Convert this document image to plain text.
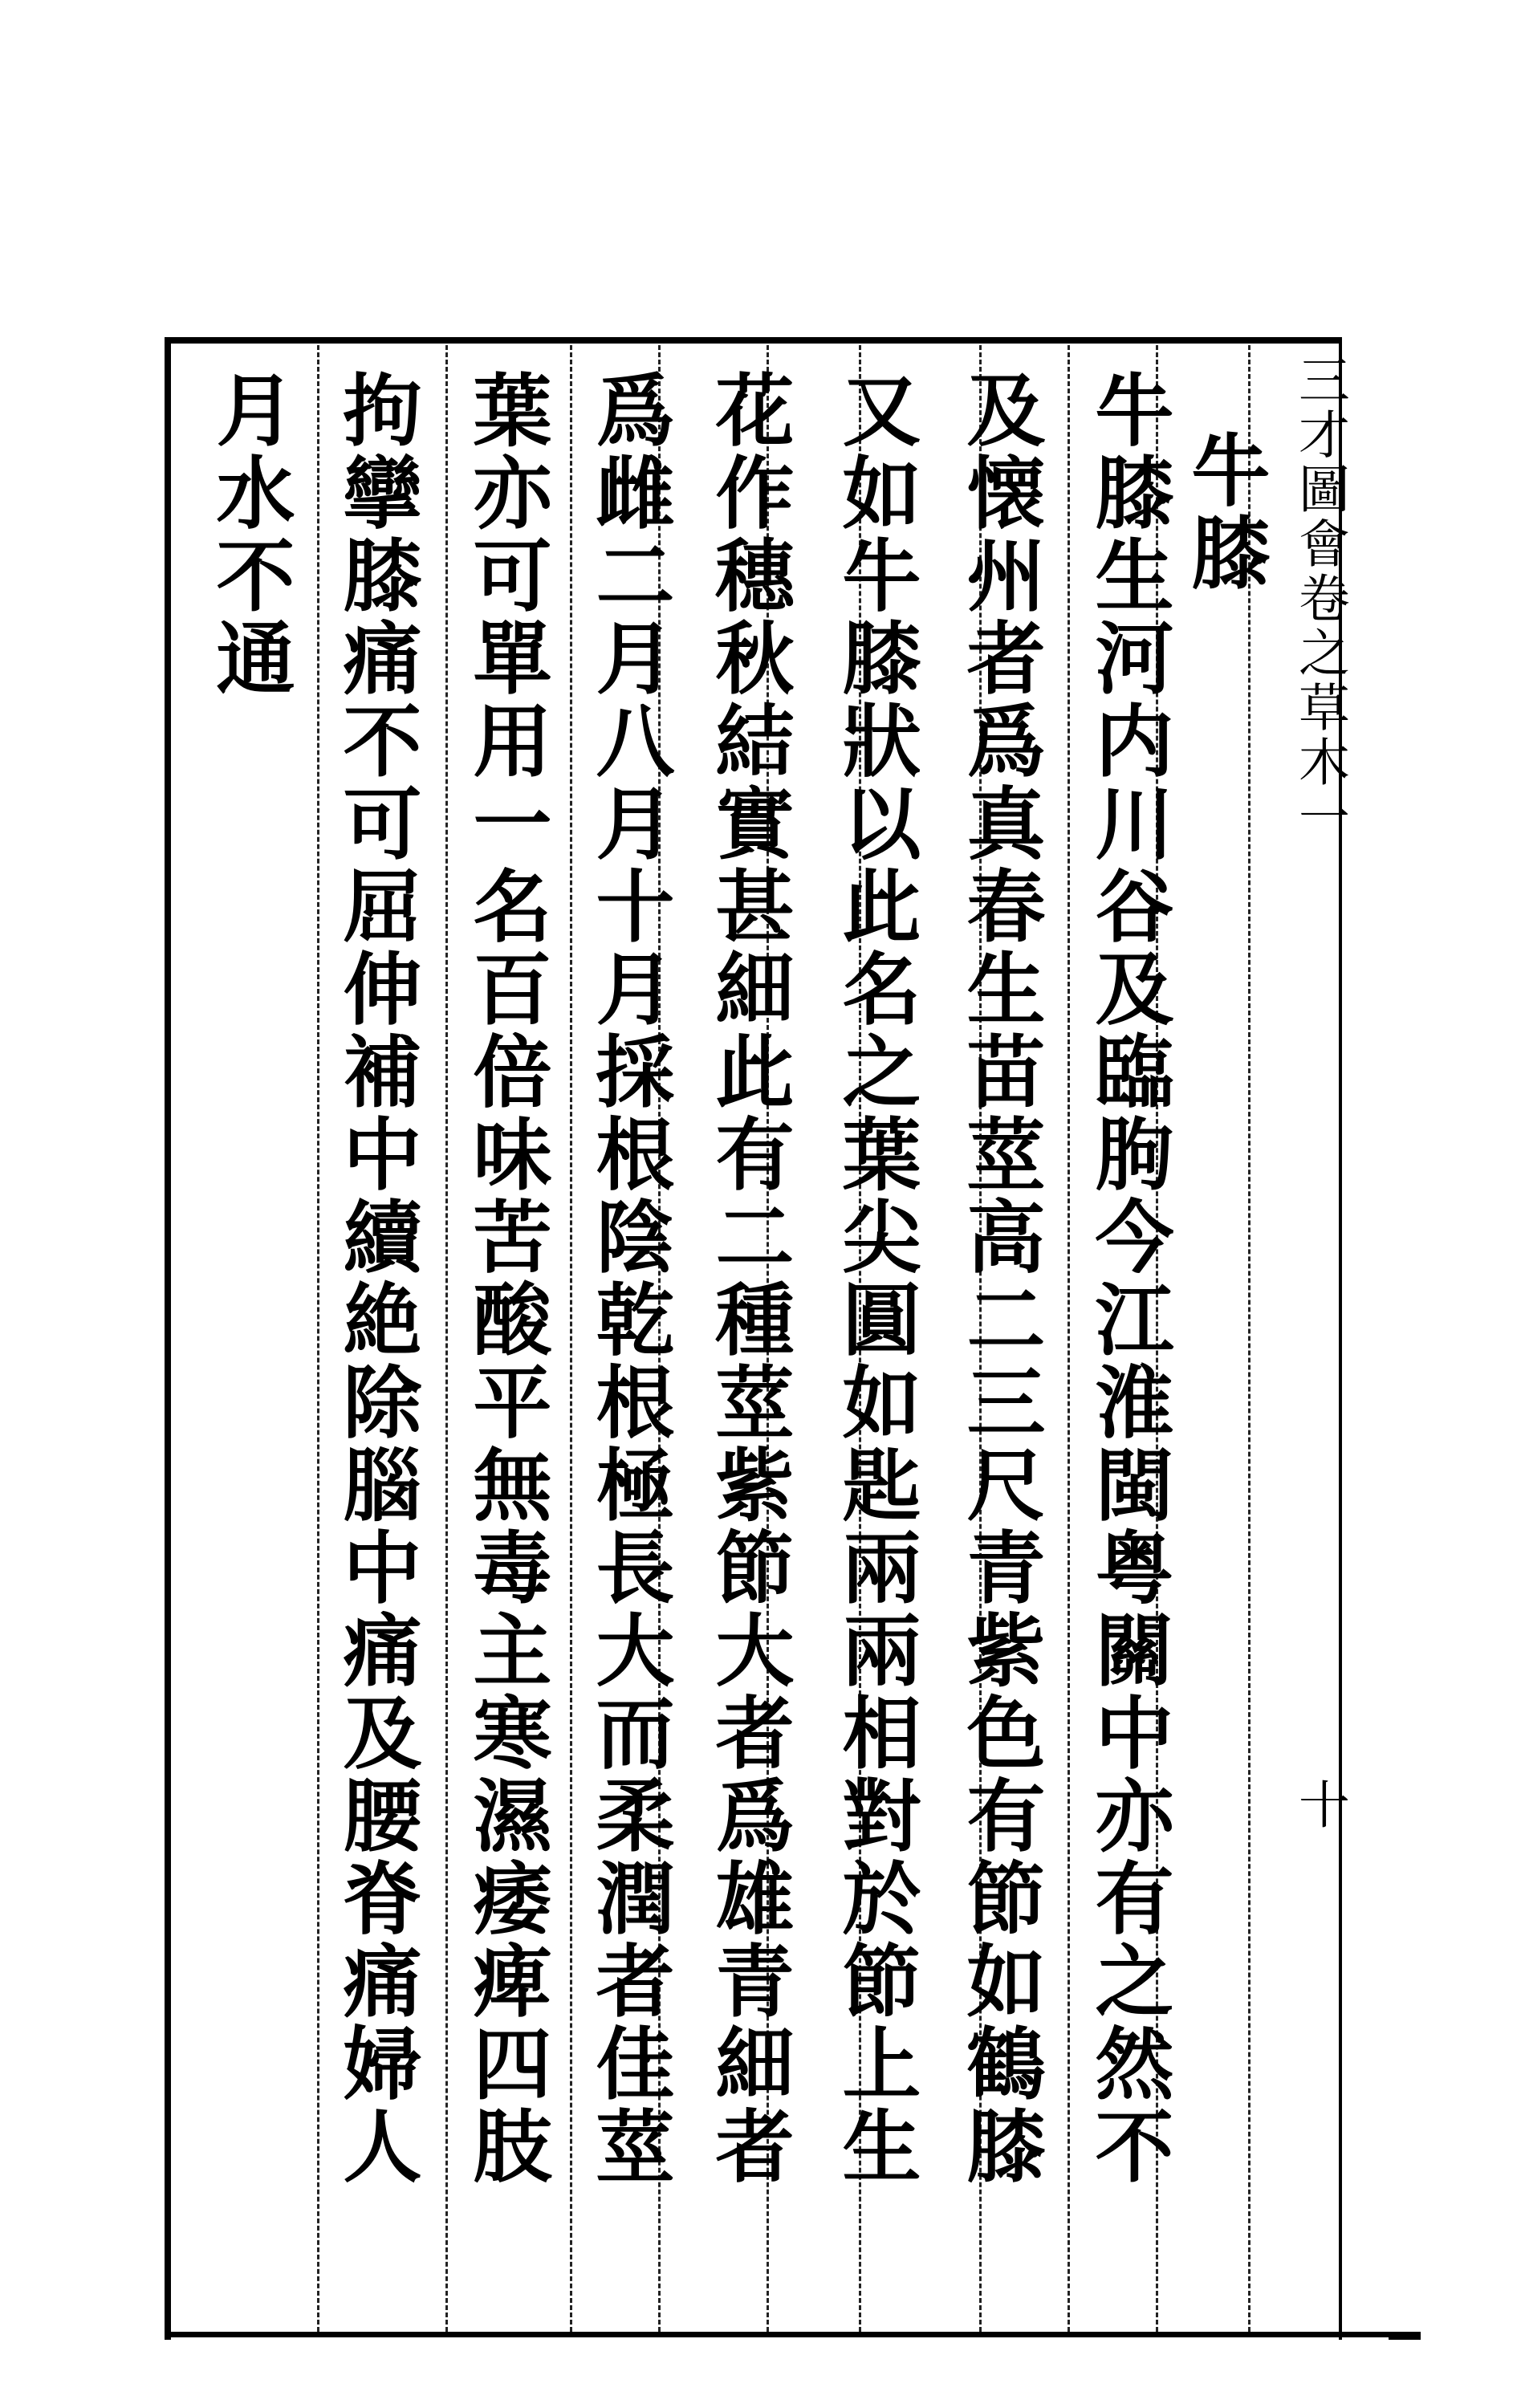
三才圖會卷之草木一
十
牛膝
牛膝生河内川谷及臨朐今江淮閩粤關中亦有之然不
及懐州者爲真春生苗莖高二三尺青紫色有節如鶴膝
又如牛膝狀以此名之葉尖圓如匙兩兩相對於節上生
花作穗秋結實甚細此有二種莖紫節大者爲雄青細者
爲雌二月八月十月採根陰乾根極長大而柔潤者佳莖
葉亦可單用一名百倍味苦酸平無毒主寒濕痿痺四肢
拘攣膝痛不可屈伸補中續絶除腦中痛及腰脊痛婦人
月水不通
